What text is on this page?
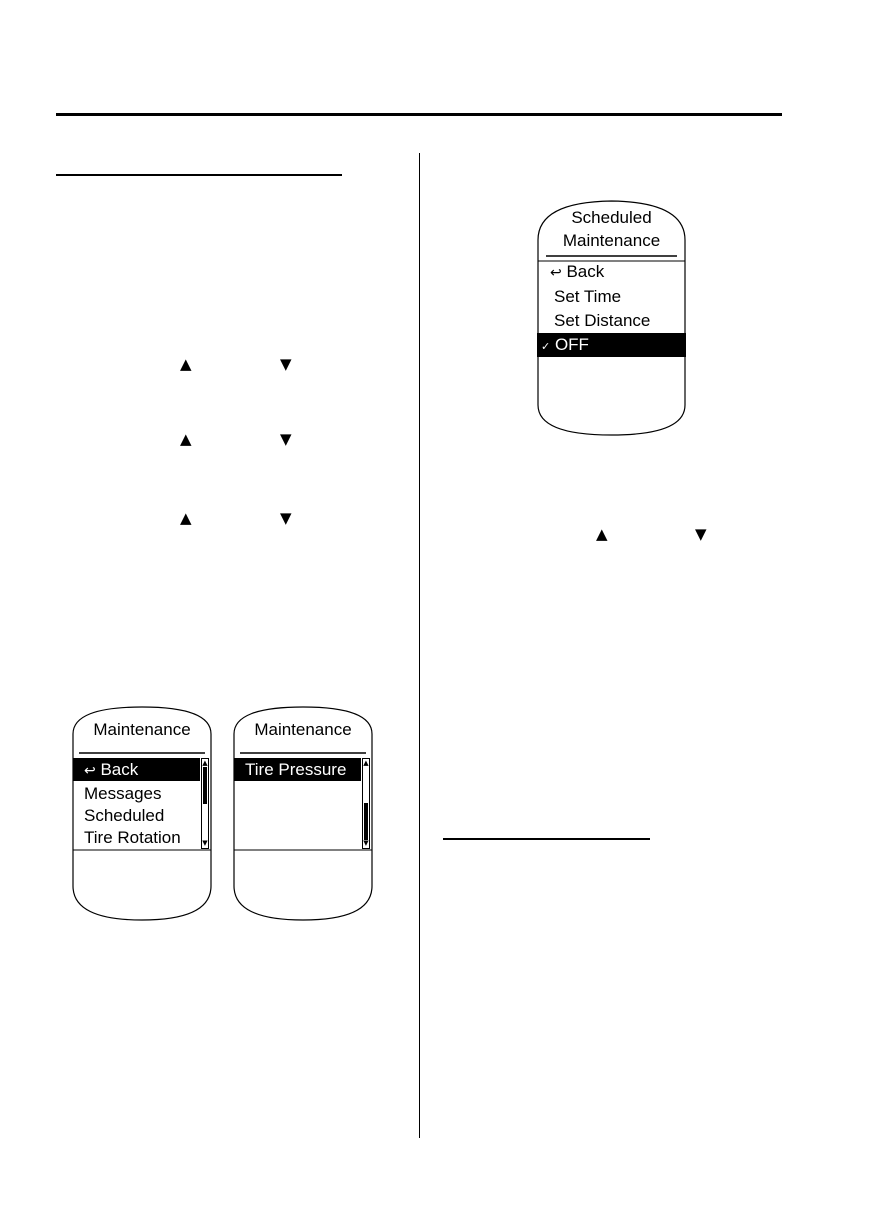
▲	▼
▲	▼
▲	▼
▲	▼
Scheduled
Maintenance
↩ Back
Set Time
Set Distance
✓ OFF
Maintenance
↩ Back
Messages
Scheduled
Tire Rotation
▲
▼
Maintenance
Tire Pressure	▲
▼
